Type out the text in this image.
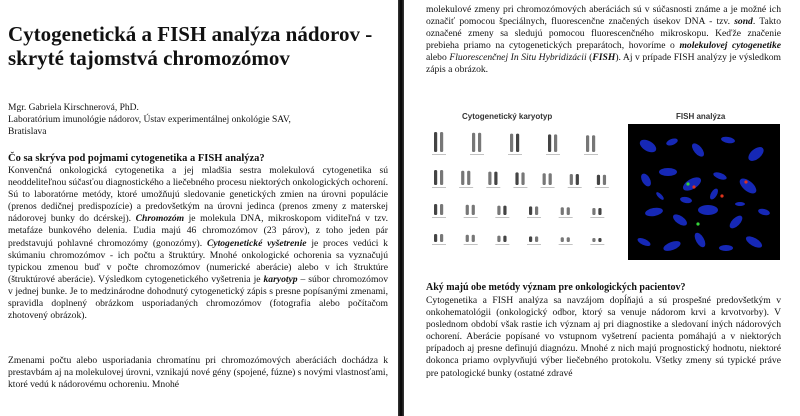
Cytogenetická a FISH analýza nádorov - skryté tajomstvá chromozómov
Mgr. Gabriela Kirschnerová, PhD.
Laboratórium imunológie nádorov, Ústav experimentálnej onkológie SAV,
Bratislava
Čo sa skrýva pod pojmami cytogenetika a FISH analýza?

Konvenčná onkologická cytogenetika a jej mladšia sestra molekulová cytogenetika sú neoddeliteľnou súčasťou diagnostického a liečebného procesu niektorých onkologických ochorení. Sú to laboratórne metódy, ktoré umožňujú sledovanie genetických zmien na úrovni populácie (prenos dedičnej predispozície) a predovšetkým na úrovni jedinca (prenos zmeny z materskej nádorovej bunky do dcérskej). Chromozóm je molekula DNA, mikroskopom viditeľná v tzv. metafáze bunkového delenia. Ľudia majú 46 chromozómov (23 párov), z toho jeden pár predstavujú pohlavné chromozómy (gonozómy). Cytogenetické vyšetrenie je proces vedúci k skúmaniu chromozómov - ich počtu a štruktúry. Mnohé onkologické ochorenia sa vyznačujú typickou zmenou buď v počte chromozómov (numerické aberácie) alebo v ich štruktúre (štruktúrové aberácie). Výsledkom cytogenetického vyšetrenia je karyotyp – súbor chromozómov v jednej bunke. Je to medzinárodne dohodnutý cytogenetický zápis s presne popísanými zmenami, spravidla doplnený obrázkom usporiadaných chromozómov (fotografia alebo počítačom zhotovený obrázok).

Zmenami počtu alebo usporiadania chromatínu pri chromozómových aberáciách dochádza k prestavbám aj na molekulovej úrovni, vznikajú nové gény (spojené, fúzne) s novými vlastnosťami, ktoré vedú k nádorovému ochoreniu. Mnohé

molekulové zmeny pri chromozómových aberáciách sú v súčasnosti známe a je možné ich označiť pomocou špeciálnych, fluorescenčne značených úsekov DNA - tzv. sond. Takto označené zmeny sa sledujú pomocou fluorescenčného mikroskopu. Keďže značenie prebieha priamo na cytogenetických preparátoch, hovoríme o molekulovej cytogenetike alebo Fluorescenčnej In Situ Hybridizácii (FISH). Aj v prípade FISH analýzy je výsledkom zápis a obrázok.

Cytogenetický karyotyp	FISH analýza
Aký majú obe metódy význam pre onkologických pacientov?

Cytogenetika a FISH analýza sa navzájom dopĺňajú a sú prospešné predovšetkým v onkohematológii (onkologický odbor, ktorý sa venuje nádorom krvi a krvotvorby). V poslednom období však rastie ich význam aj pri diagnostike a sledovaní iných nádorových ochorení. Aberácie popísané vo vstupnom vyšetrení pacienta pomáhajú a v niektorých prípadoch aj presne definujú diagnózu. Mnohé z nich majú prognostický hodnotu, niektoré dokonca priamo ovplyvňujú výber liečebného protokolu. Všetky zmeny sú typické práve pre patologické bunky (ostatné zdravé
